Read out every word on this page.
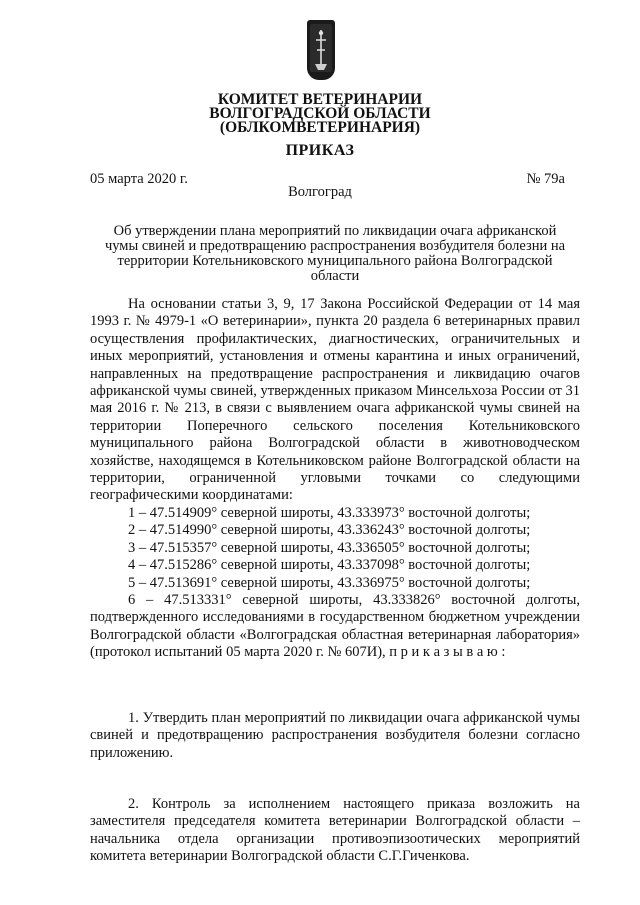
КОМИТЕТ ВЕТЕРИНАРИИ
ВОЛГОГРАДСКОЙ ОБЛАСТИ
(ОБЛКОМВЕТЕРИНАРИЯ)
ПРИКАЗ
05 марта 2020 г.	№ 79а
Волгоград
Об утверждении плана мероприятий по ликвидации очага африканской чумы свиней и предотвращению распространения возбудителя болезни на территории Котельниковского муниципального района Волгоградской области

На основании статьи 3, 9, 17 Закона Российской Федерации от 14 мая 1993 г. № 4979-1 «О ветеринарии», пункта 20 раздела 6 ветеринарных правил осуществления профилактических, диагностических, ограничительных и иных мероприятий, установления и отмены карантина и иных ограничений, направленных на предотвращение распространения и ликвидацию очагов африканской чумы свиней, утвержденных приказом Минсельхоза России от 31 мая 2016 г. № 213, в связи с выявлением очага африканской чумы свиней на территории Поперечного сельского поселения Котельниковского муниципального района Волгоградской области в животноводческом хозяйстве, находящемся в Котельниковском районе Волгоградской области на территории, ограниченной угловыми точками со следующими географическими координатами:

1 – 47.514909° северной широты, 43.333973° восточной долготы;

2 – 47.514990° северной широты, 43.336243° восточной долготы;

3 – 47.515357° северной широты, 43.336505° восточной долготы;

4 – 47.515286° северной широты, 43.337098° восточной долготы;

5 – 47.513691° северной широты, 43.336975° восточной долготы;

6 – 47.513331° северной широты, 43.333826° восточной долготы, подтвержденного исследованиями в государственном бюджетном учреждении Волгоградской области «Волгоградская областная ветеринарная лаборатория» (протокол испытаний 05 марта 2020 г. № 607И), п р и к а з ы в а ю :

1. Утвердить план мероприятий по ликвидации очага африканской чумы свиней и предотвращению распространения возбудителя болезни согласно приложению.

2. Контроль за исполнением настоящего приказа возложить на заместителя председателя комитета ветеринарии Волгоградской области – начальника отдела организации противоэпизоотических мероприятий комитета ветеринарии Волгоградской области С.Г.Гиченкова.
